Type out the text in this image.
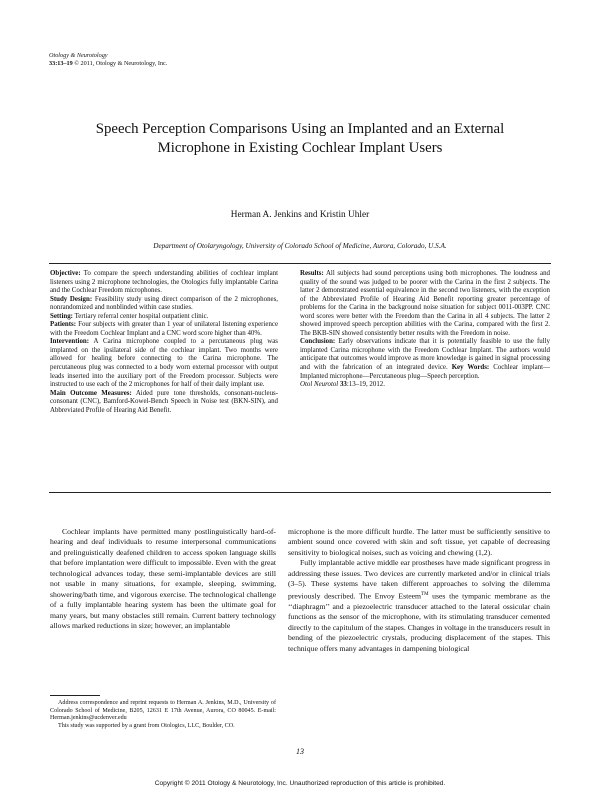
Otology & Neurotology
33:13–19 © 2011, Otology & Neurotology, Inc.
Speech Perception Comparisons Using an Implanted and an External Microphone in Existing Cochlear Implant Users
Herman A. Jenkins and Kristin Uhler
Department of Otolaryngology, University of Colorado School of Medicine, Aurora, Colorado, U.S.A.

Objective: To compare the speech understanding abilities of cochlear implant listeners using 2 microphone technologies, the Otologics fully implantable Carina and the Cochlear Freedom microphones.

Study Design: Feasibility study using direct comparison of the 2 microphones, nonrandomized and nonblinded within case studies.

Setting: Tertiary referral center hospital outpatient clinic.

Patients: Four subjects with greater than 1 year of unilateral listening experience with the Freedom Cochlear Implant and a CNC word score higher than 40%.

Intervention: A Carina microphone coupled to a percutaneous plug was implanted on the ipsilateral side of the cochlear implant. Two months were allowed for healing before connecting to the Carina microphone. The percutaneous plug was connected to a body worn external processor with output leads inserted into the auxiliary port of the Freedom processor. Subjects were instructed to use each of the 2 microphones for half of their daily implant use.

Main Outcome Measures: Aided pure tone thresholds, consonant-nucleus-consonant (CNC), Bamford-Kowel-Bench Speech in Noise test (BKN-SIN), and Abbreviated Profile of Hearing Aid Benefit.

Results: All subjects had sound perceptions using both microphones. The loudness and quality of the sound was judged to be poorer with the Carina in the first 2 subjects. The latter 2 demonstrated essential equivalence in the second two listeners, with the exception of the Abbreviated Profile of Hearing Aid Benefit reporting greater percentage of problems for the Carina in the background noise situation for subject 0011-003PP. CNC word scores were better with the Freedom than the Carina in all 4 subjects. The latter 2 showed improved speech perception abilities with the Carina, compared with the first 2. The BKB-SIN showed consistently better results with the Freedom in noise.

Conclusion: Early observations indicate that it is potentially feasible to use the fully implanted Carina microphone with the Freedom Cochlear Implant. The authors would anticipate that outcomes would improve as more knowledge is gained in signal processing and with the fabrication of an integrated device. Key Words: Cochlear implant—Implanted microphone—Percutaneous plug—Speech perception.

Otol Neurotol 33:13–19, 2012.

Cochlear implants have permitted many postlinguistically hard-of-hearing and deaf individuals to resume interpersonal communications and prelinguistically deafened children to access spoken language skills that before implantation were difficult to impossible. Even with the great technological advances today, these semi-implantable devices are still not usable in many situations, for example, sleeping, swimming, showering/bath time, and vigorous exercise. The technological challenge of a fully implantable hearing system has been the ultimate goal for many years, but many obstacles still remain. Current battery technology allows marked reductions in size; however, an implantable

microphone is the more difficult hurdle. The latter must be sufficiently sensitive to ambient sound once covered with skin and soft tissue, yet capable of decreasing sensitivity to biological noises, such as voicing and chewing (1,2).

Fully implantable active middle ear prostheses have made significant progress in addressing these issues. Two devices are currently marketed and/or in clinical trials (3–5). These systems have taken different approaches to solving the dilemma previously described. The Envoy Esteem™ uses the tympanic membrane as the ‘‘diaphragm’’ and a piezoelectric transducer attached to the lateral ossicular chain functions as the sensor of the microphone, with its stimulating transducer cemented directly to the capitulum of the stapes. Changes in voltage in the transducers result in bending of the piezoelectric crystals, producing displacement of the stapes. This technique offers many advantages in dampening biological

Address correspondence and reprint requests to Herman A. Jenkins, M.D., University of Colorado School of Medicine, B205, 12631 E 17th Avenue, Aurora, CO 80045. E-mail: Herman.jenkins@ucdenver.edu

This study was supported by a grant from Otologics, LLC, Boulder, CO.

13
Copyright © 2011 Otology & Neurotology, Inc. Unauthorized reproduction of this article is prohibited.
